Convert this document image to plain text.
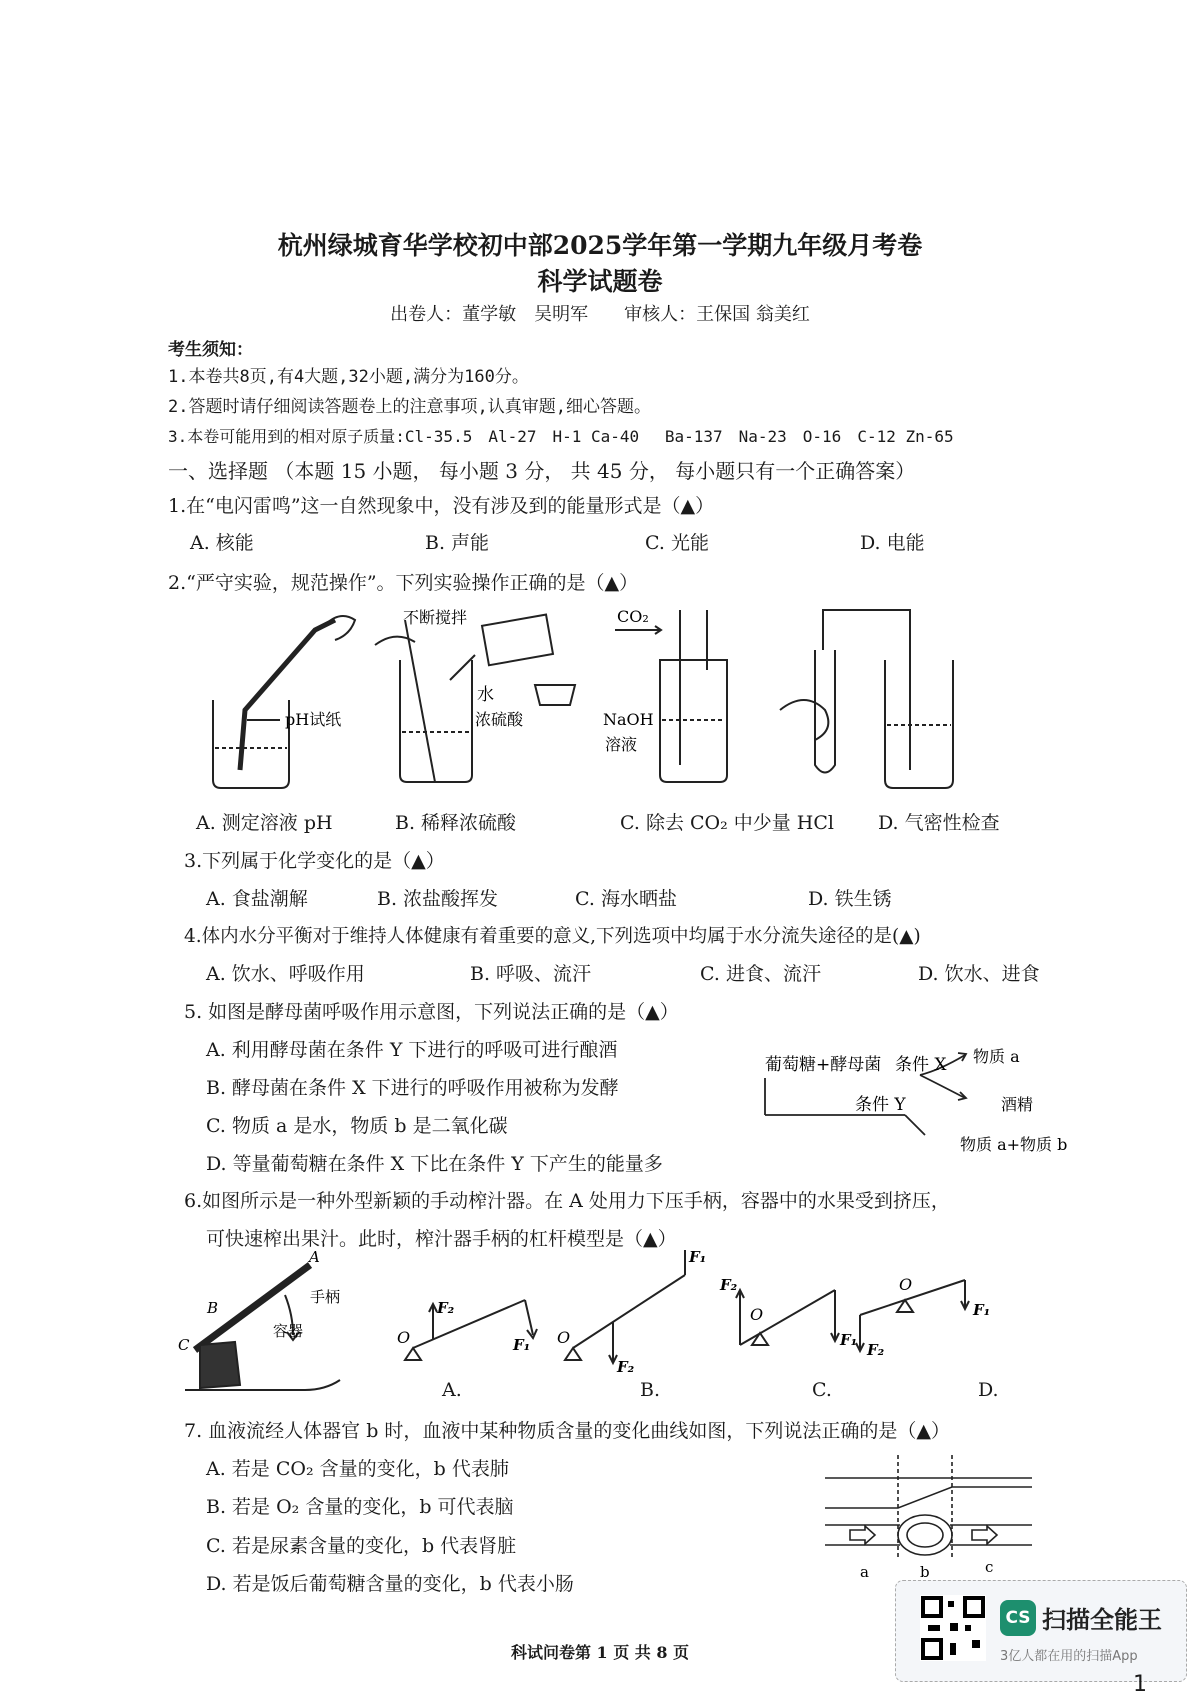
杭州绿城育华学校初中部2025学年第一学期九年级月考卷
科学试题卷
出卷人：董学敏　吴明军　　审核人：王保国 翁美红
考生须知：
1.本卷共8页,有4大题,32小题,满分为160分。
2.答题时请仔细阅读答题卷上的注意事项,认真审题,细心答题。
3.本卷可能用到的相对原子质量:Cl-35.5　Al-27　H-1 Ca-40　 Ba-137　Na-23　O-16　C-12 Zn-65
一、选择题 （本题 15 小题， 每小题 3 分， 共 45 分， 每小题只有一个正确答案）
1.在“电闪雷鸣”这一自然现象中，没有涉及到的能量形式是（▲）
A. 核能	B. 声能	C. 光能	D. 电能
2.“严守实验，规范操作”。下列实验操作正确的是（▲）
pH试纸
不断搅拌
水
浓硫酸
CO₂
NaOH
溶液
A. 测定溶液 pH	B. 稀释浓硫酸	C. 除去 CO₂ 中少量 HCl D. 气密性检查
3.下列属于化学变化的是（▲）
A. 食盐潮解	B. 浓盐酸挥发	C. 海水晒盐	D. 铁生锈
4.体内水分平衡对于维持人体健康有着重要的意义,下列选项中均属于水分流失途径的是(▲)
A. 饮水、呼吸作用	B. 呼吸、流汗	C. 进食、流汗	D. 饮水、进食
5. 如图是酵母菌呼吸作用示意图，下列说法正确的是（▲）
A. 利用酵母菌在条件 Y 下进行的呼吸可进行酿酒
B. 酵母菌在条件 X 下进行的呼吸作用被称为发酵
C. 物质 a 是水，物质 b 是二氧化碳
D. 等量葡萄糖在条件 X 下比在条件 Y 下产生的能量多
葡萄糖+酵母菌 条件 X
条件 Y
物质 a
酒精
物质 a+物质 b
6.如图所示是一种外型新颖的手动榨汁器。在 A 处用力下压手柄，容器中的水果受到挤压，
可快速榨出果汁。此时，榨汁器手柄的杠杆模型是（▲）
A
B
C
手柄
容器	O
F₂
F₁ O
F₂
F₁
O
F₂
F₁
O
F₂
F₁
A.	B.	C.	D.
7. 血液流经人体器官 b 时，血液中某种物质含量的变化曲线如图，下列说法正确的是（▲）
A. 若是 CO₂ 含量的变化，b 代表肺
B. 若是 O₂ 含量的变化，b 可代表脑
C. 若是尿素含量的变化，b 代表肾脏
D. 若是饭后葡萄糖含量的变化，b 代表小肠
a	b	c
科试问卷第 1 页 共 8 页
CS 扫描全能王
3亿人都在用的扫描App
1
